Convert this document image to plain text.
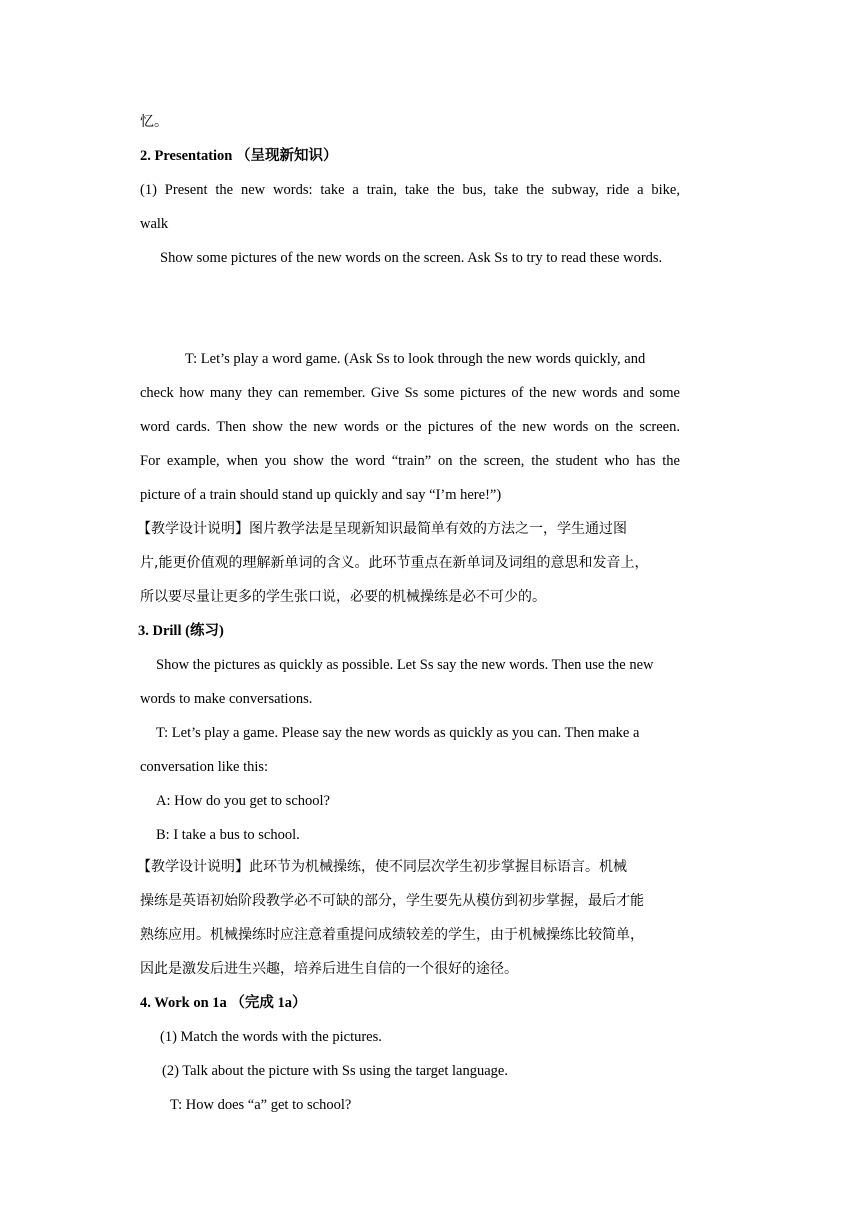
忆。
2. Presentation （呈现新知识）
(1) Present the new words: take a train, take the bus, take the subway, ride a bike,
walk
Show some pictures of the new words on the screen. Ask Ss to try to read these words.
T: Let’s play a word game. (Ask Ss to look through the new words quickly, and
check how many they can remember. Give Ss some pictures of the new words and some
word cards. Then show the new words or the pictures of the new words on the screen.
For example, when you show the word “train” on the screen, the student who has the
picture of a train should stand up quickly and say “I’m here!”)
【教学设计说明】图片教学法是呈现新知识最简单有效的方法之一，学生通过图
片,能更价值观的理解新单词的含义。此环节重点在新单词及词组的意思和发音上，
所以要尽量让更多的学生张口说，必要的机械操练是必不可少的。
3. Drill (练习)
Show the pictures as quickly as possible. Let Ss say the new words. Then use the new
words to make conversations.
T: Let’s play a game. Please say the new words as quickly as you can. Then make a
conversation like this:
A: How do you get to school?
B: I take a bus to school.
【教学设计说明】此环节为机械操练，使不同层次学生初步掌握目标语言。机械
操练是英语初始阶段教学必不可缺的部分，学生要先从模仿到初步掌握，最后才能
熟练应用。机械操练时应注意着重提问成绩较差的学生，由于机械操练比较简单，
因此是激发后进生兴趣，培养后进生自信的一个很好的途径。
4. Work on 1a （完成 1a）
(1) Match the words with the pictures.
(2) Talk about the picture with Ss using the target language.
T: How does “a” get to school?
